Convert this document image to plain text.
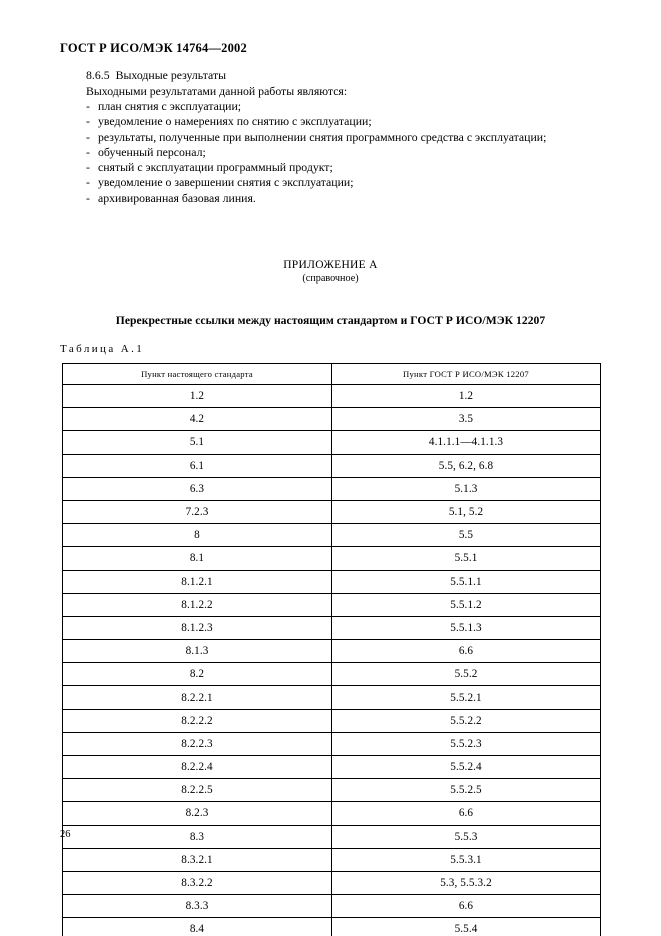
ГОСТ Р ИСО/МЭК 14764—2002
8.6.5 Выходные результаты
Выходными результатами данной работы являются:
- план снятия с эксплуатации;
- уведомление о намерениях по снятию с эксплуатации;
- результаты, полученные при выполнении снятия программного средства с эксплуатации;
- обученный персонал;
- снятый с эксплуатации программный продукт;
- уведомление о завершении снятия с эксплуатации;
- архивированная базовая линия.
ПРИЛОЖЕНИЕ А
(справочное)
Перекрестные ссылки между настоящим стандартом и ГОСТ Р ИСО/МЭК 12207
Таблица А.1
Пункт настоящего стандарта	Пункт ГОСТ Р ИСО/МЭК 12207
1.2	1.2
4.2	3.5
5.1	4.1.1.1—4.1.1.3
6.1	5.5, 6.2, 6.8
6.3	5.1.3
7.2.3	5.1, 5.2
8	5.5
8.1	5.5.1
8.1.2.1	5.5.1.1
8.1.2.2	5.5.1.2
8.1.2.3	5.5.1.3
8.1.3	6.6
8.2	5.5.2
8.2.2.1	5.5.2.1
8.2.2.2	5.5.2.2
8.2.2.3	5.5.2.3
8.2.2.4	5.5.2.4
8.2.2.5	5.5.2.5
8.2.3	6.6
8.3	5.5.3
8.3.2.1	5.5.3.1
8.3.2.2	5.3, 5.5.3.2
8.3.3	6.6
8.4	5.5.4
26
